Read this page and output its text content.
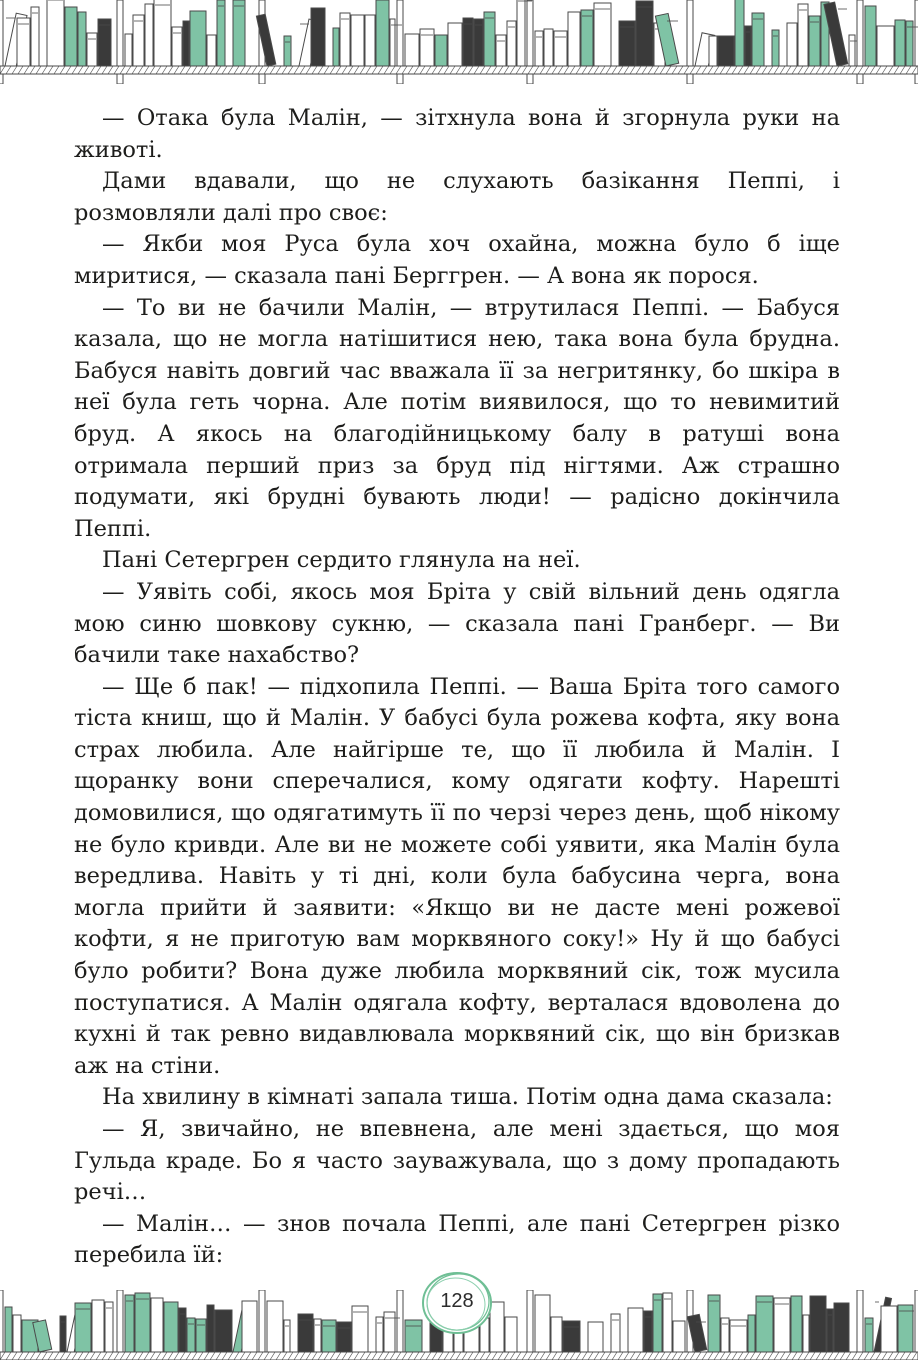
— Отака була Малін, — зітхнула вона й згорнула руки на животі.

Дами вдавали, що не слухають базікання Пеппі, і розмовляли далі про своє:

— Якби моя Руса була хоч охайна, можна було б іще миритися, — сказала пані Берггрен. — А вона як порося.

— То ви не бачили Малін, — втрутилася Пеппі. — Бабуся казала, що не могла натішитися нею, така вона була брудна. Бабуся навіть довгий час вважала її за негритянку, бо шкіра в неї була геть чорна. Але потім виявилося, що то невимитий бруд. А якось на благодійницькому балу в ратуші вона отримала перший приз за бруд під нігтями. Аж страшно подумати, які брудні бувають люди! — радісно докінчила Пеппі.

Пані Сетергрен сердито глянула на неї.

— Уявіть собі, якось моя Бріта у свій вільний день одягла мою синю шовкову сукню, — сказала пані Гранберг. — Ви бачили таке нахабство?

— Ще б пак! — підхопила Пеппі. — Ваша Бріта того самого тіста книш, що й Малін. У бабусі була рожева кофта, яку вона страх любила. Але найгірше те, що її любила й Малін. І щоранку вони сперечалися, кому одягати кофту. Нарешті домовилися, що одягатимуть її по черзі через день, щоб нікому не було кривди. Але ви не можете собі уявити, яка Малін була вередлива. Навіть у ті дні, коли була бабусина черга, вона могла прийти й заявити: «Якщо ви не дасте мені рожевої кофти, я не приготую вам морквяного соку!» Ну й що бабусі було робити? Вона дуже любила морквяний сік, тож мусила поступатися. А Малін одягала кофту, верталася вдоволена до кухні й так ревно видавлювала морквяний сік, що він бризкав аж на стіни.

На хвилину в кімнаті запала тиша. Потім одна дама сказала:

— Я, звичайно, не впевнена, але мені здається, що моя Гульда краде. Бо я часто зауважувала, що з дому пропадають речі…

— Малін… — знов почала Пеппі, але пані Сетергрен різко перебила їй:

128
